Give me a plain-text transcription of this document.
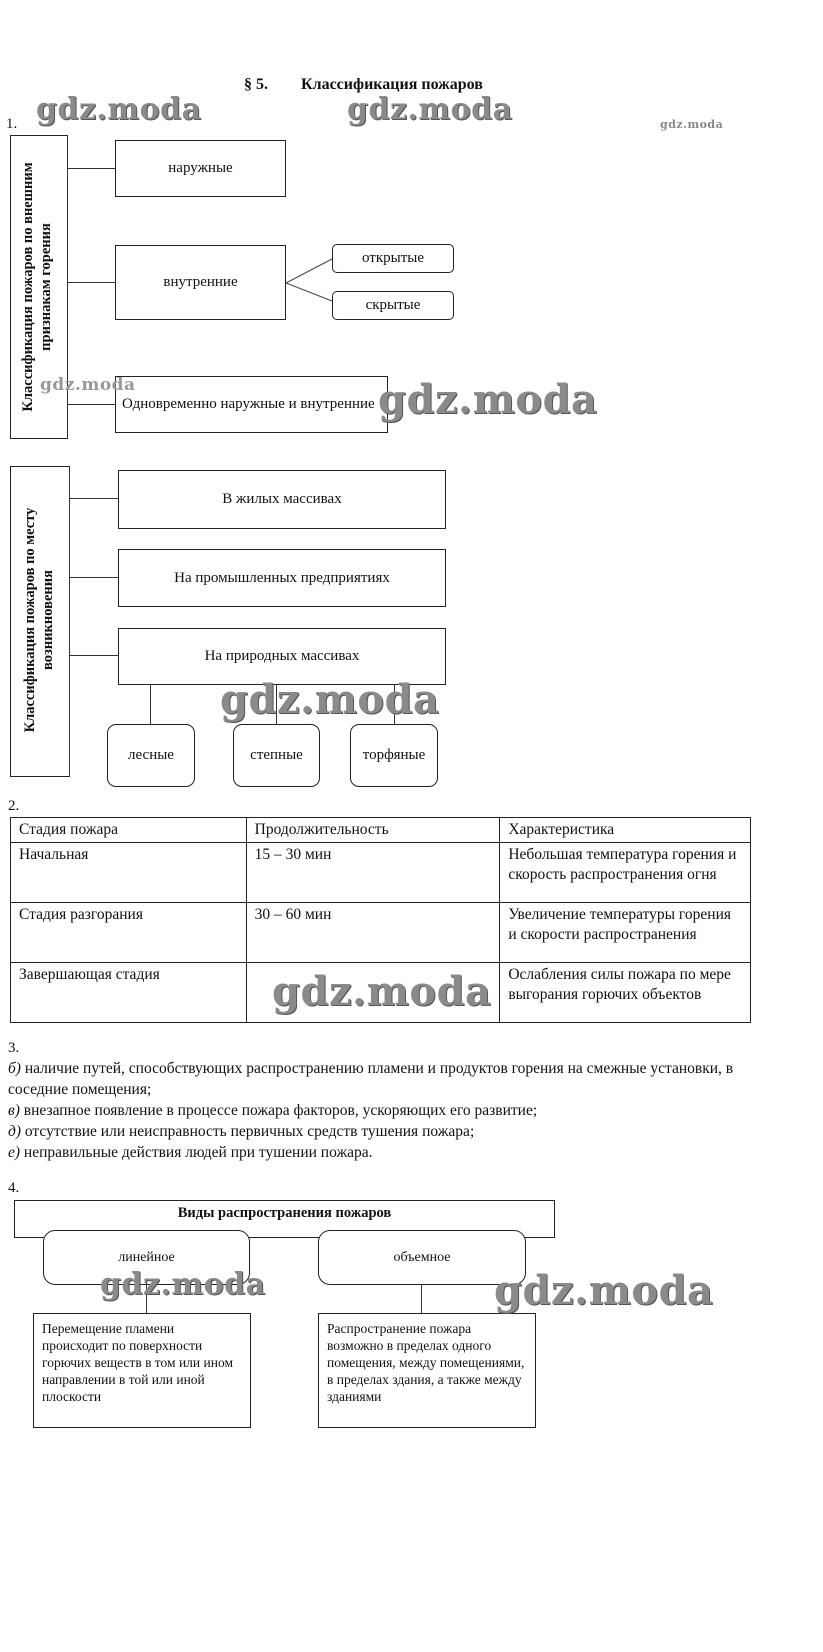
§ 5. Классификация пожаров
1.
Классификация пожаров по внешним признакам горения
наружные
внутренние
открытые
скрытые
Одновременно наружные и внутренние
Классификация пожаров по месту возникновения
В жилых массивах
На промышленных предприятиях
На природных массивах
лесные	степные	торфяные
2.
Стадия пожара	Продолжительность	Характеристика
Начальная	15 – 30 мин	Небольшая температура горения и скорость распространения огня
Стадия разгорания	30 – 60 мин	Увеличение температуры горения и скорости распространения
Завершающая стадия		Ослабления силы пожара по мере выгорания горючих объектов
3.
б) наличие путей, способствующих распространению пламени и продуктов горения на смежные установки, в соседние помещения;
в) внезапное появление в процессе пожара факторов, ускоряющих его развитие;
д) отсутствие или неисправность первичных средств тушения пожара;
е) неправильные действия людей при тушении пожара.
4.
Виды распространения пожаров
линейное	объемное
Перемещение пламени происходит по поверхности горючих веществ в том или ином направлении в той или иной плоскости
Распространение пожара возможно в пределах одного помещения, между помещениями, в пределах здания, а также между зданиями
gdz.moda	gdz.moda	gdz.moda
gdz.moda	gdz.moda
gdz.moda
gdz.moda
gdz.moda	gdz.moda
